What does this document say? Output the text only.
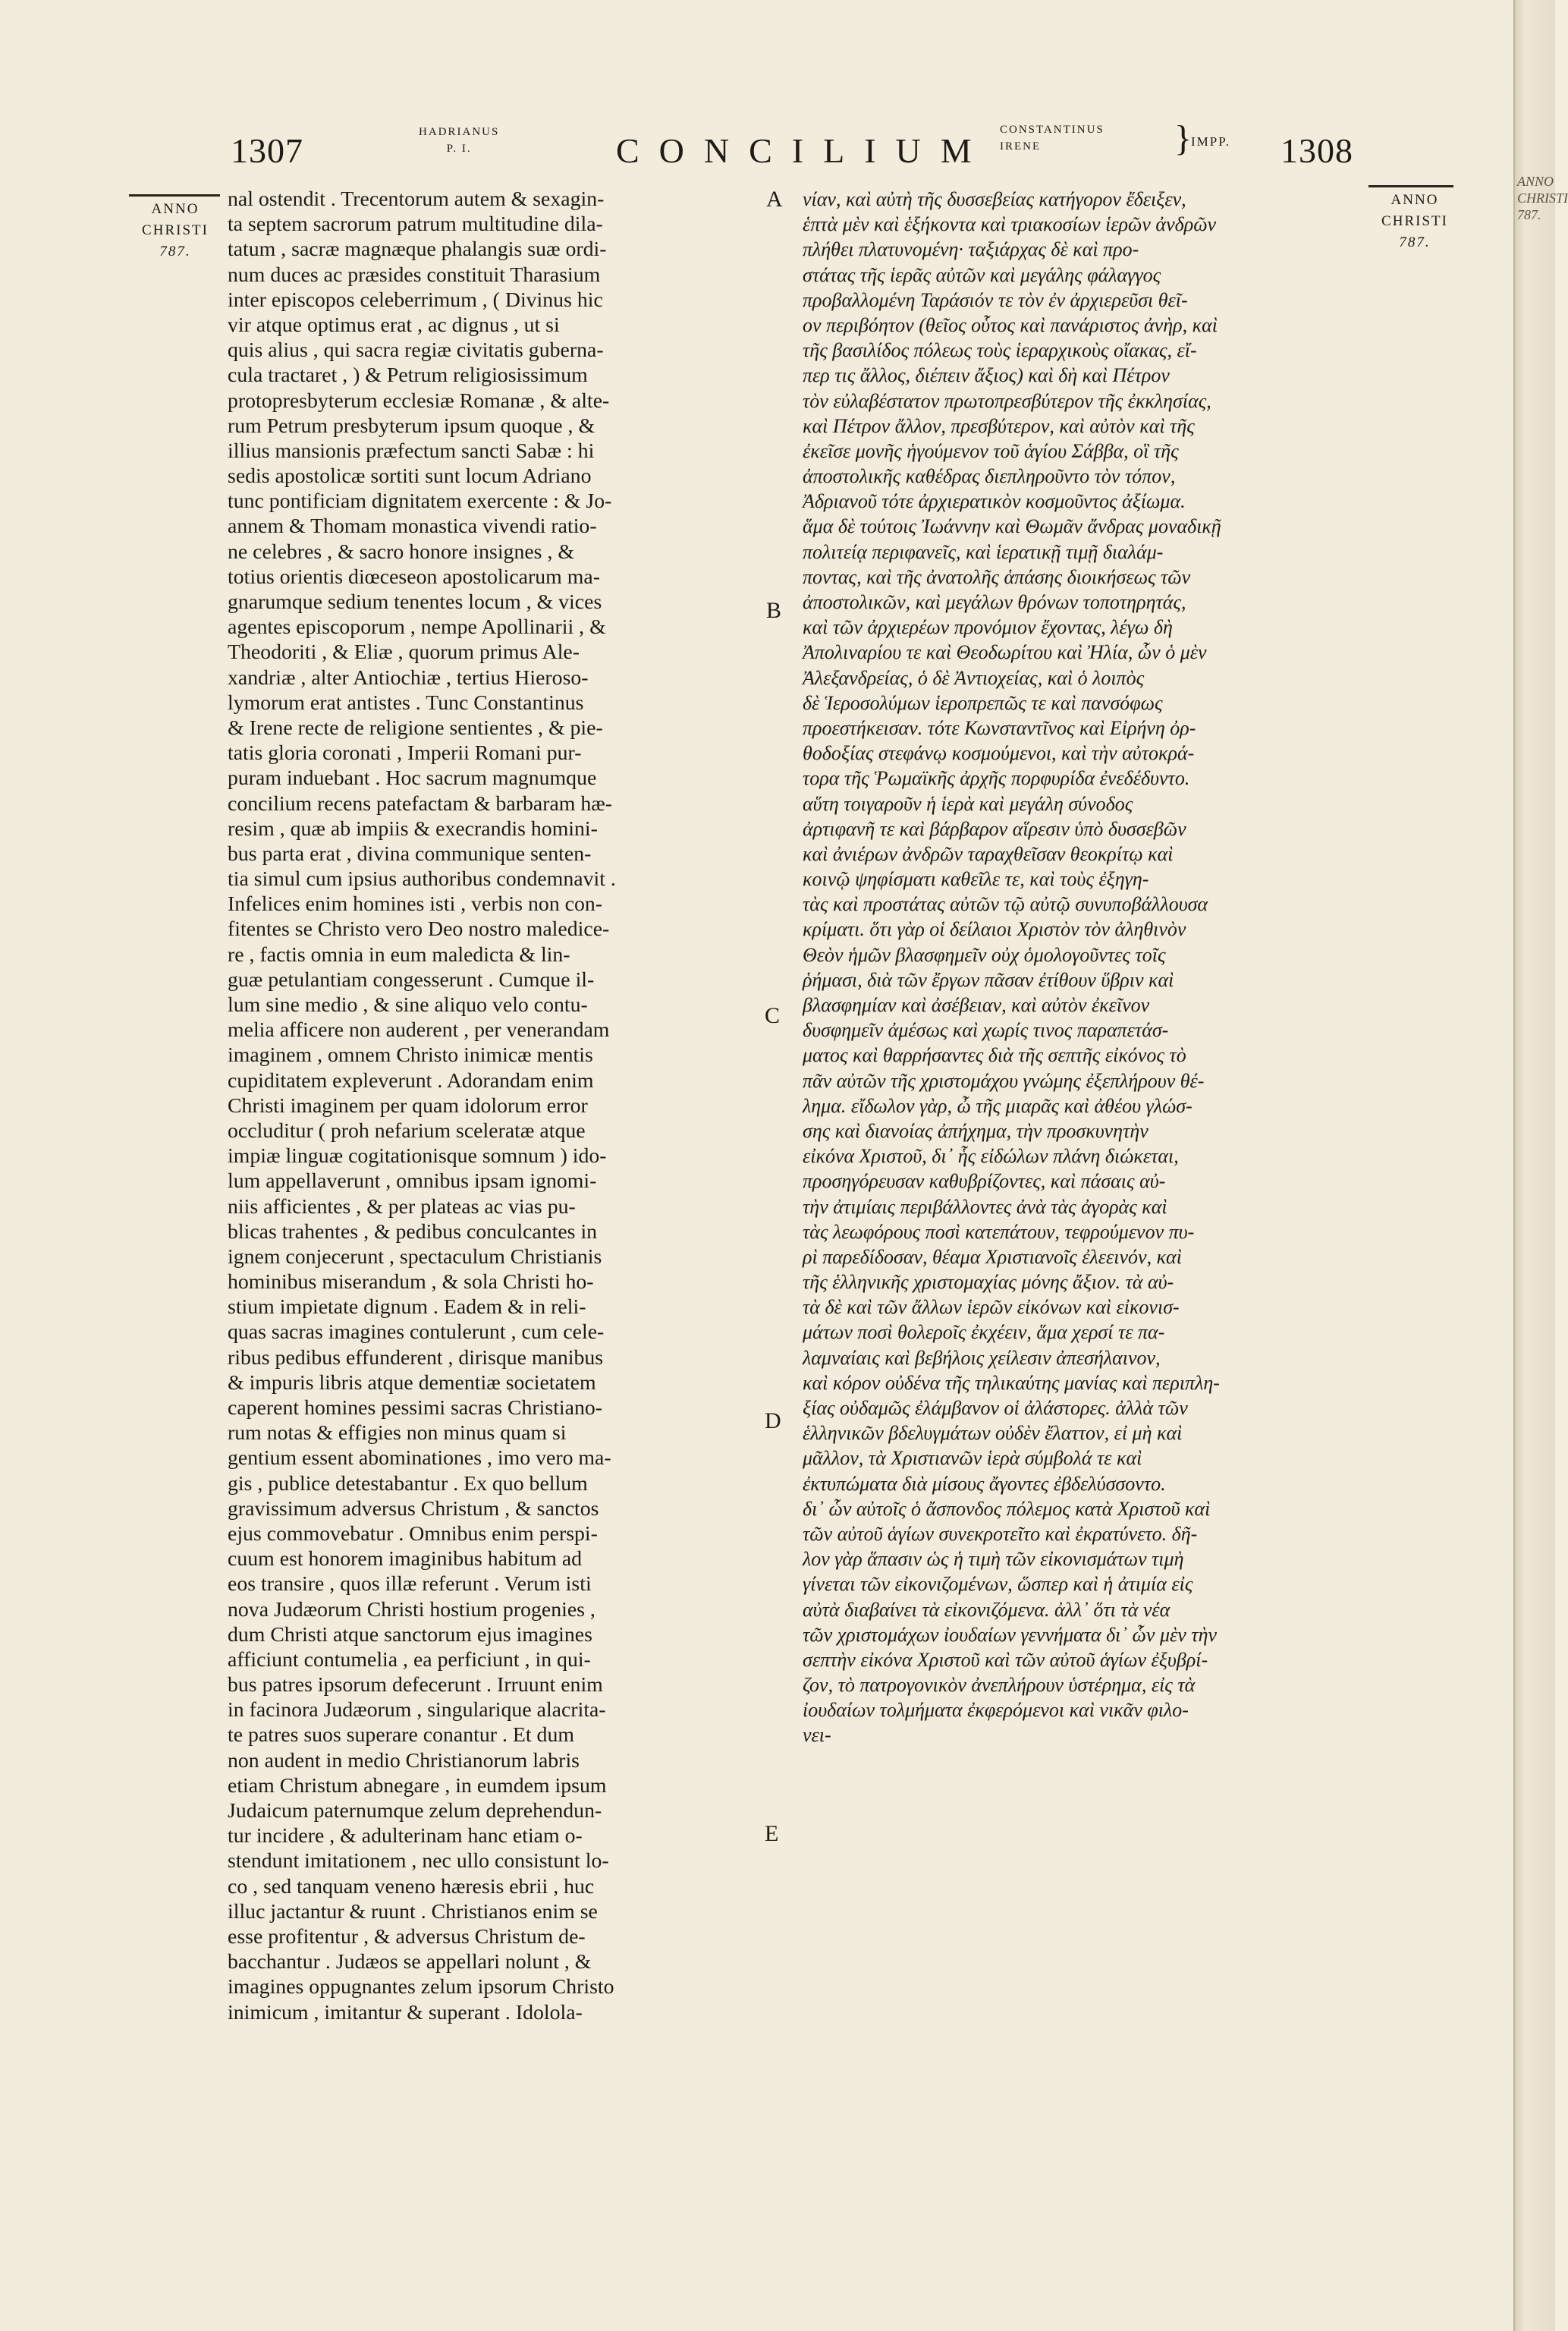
ANNO
CHRISTI
787.
1307	HADRIANUS
P. I.	CONCILIUM
CONSTANTINUS
IRENE	}
IMPP. 1308
ANNO
CHRISTI
787.
ANNO
CHRISTI
787.
nal ostendit . Trecentorum autem & sexagin-
ta septem sacrorum patrum multitudine dila-
tatum , sacræ magnæque phalangis suæ ordi-
num duces ac præsides constituit Tharasium
inter episcopos celeberrimum , ( Divinus hic
vir atque optimus erat , ac dignus , ut si
quis alius , qui sacra regiæ civitatis guberna-
cula tractaret , ) & Petrum religiosissimum
protopresbyterum ecclesiæ Romanæ , & alte-
rum Petrum presbyterum ipsum quoque , &
illius mansionis præfectum sancti Sabæ : hi
sedis apostolicæ sortiti sunt locum Adriano
tunc pontificiam dignitatem exercente : & Jo-
annem & Thomam monastica vivendi ratio-
ne celebres , & sacro honore insignes , &
totius orientis diœceseon apostolicarum ma-
gnarumque sedium tenentes locum , & vices
agentes episcoporum , nempe Apollinarii , &
Theodoriti , & Eliæ , quorum primus Ale-
xandriæ , alter Antiochiæ , tertius Hieroso-
lymorum erat antistes . Tunc Constantinus
& Irene recte de religione sentientes , & pie-
tatis gloria coronati , Imperii Romani pur-
puram induebant . Hoc sacrum magnumque
concilium recens patefactam & barbaram hæ-
resim , quæ ab impiis & execrandis homini-
bus parta erat , divina communique senten-
tia simul cum ipsius authoribus condemnavit .
Infelices enim homines isti , verbis non con-
fitentes se Christo vero Deo nostro maledice-
re , factis omnia in eum maledicta & lin-
guæ petulantiam congesserunt . Cumque il-
lum sine medio , & sine aliquo velo contu-
melia afficere non auderent , per venerandam
imaginem , omnem Christo inimicæ mentis
cupiditatem expleverunt . Adorandam enim
Christi imaginem per quam idolorum error
occluditur ( proh nefarium sceleratæ atque
impiæ linguæ cogitationisque somnum ) ido-
lum appellaverunt , omnibus ipsam ignomi-
niis afficientes , & per plateas ac vias pu-
blicas trahentes , & pedibus conculcantes in
ignem conjecerunt , spectaculum Christianis
hominibus miserandum , & sola Christi ho-
stium impietate dignum . Eadem & in reli-
quas sacras imagines contulerunt , cum cele-
ribus pedibus effunderent , dirisque manibus
& impuris libris atque dementiæ societatem
caperent homines pessimi sacras Christiano-
rum notas & effigies non minus quam si
gentium essent abominationes , imo vero ma-
gis , publice detestabantur . Ex quo bellum
gravissimum adversus Christum , & sanctos
ejus commovebatur . Omnibus enim perspi-
cuum est honorem imaginibus habitum ad
eos transire , quos illæ referunt . Verum isti
nova Judæorum Christi hostium progenies ,
dum Christi atque sanctorum ejus imagines
afficiunt contumelia , ea perficiunt , in qui-
bus patres ipsorum defecerunt . Irruunt enim
in facinora Judæorum , singularique alacrita-
te patres suos superare conantur . Et dum
non audent in medio Christianorum labris
etiam Christum abnegare , in eumdem ipsum
Judaicum paternumque zelum deprehendun-
tur incidere , & adulterinam hanc etiam o-
stendunt imitationem , nec ullo consistunt lo-
co , sed tanquam veneno hæresis ebrii , huc
illuc jactantur & ruunt . Christianos enim se
esse profitentur , & adversus Christum de-
bacchantur . Judæos se appellari nolunt , &
imagines oppugnantes zelum ipsorum Christo
inimicum , imitantur & superant . Idolola-
νίαν, καὶ αὐτὴ τῆς δυσσεβείας κατήγορον ἔδειξεν,
ἑπτὰ μὲν καὶ ἑξήκοντα καὶ τριακοσίων ἱερῶν ἀνδρῶν
πλήθει πλατυνομένη· ταξιάρχας δὲ καὶ προ-
στάτας τῆς ἱερᾶς αὐτῶν καὶ μεγάλης φάλαγγος
προβαλλομένη Ταράσιόν τε τὸν ἐν ἀρχιερεῦσι θεῖ-
ον περιβόητον (θεῖος οὗτος καὶ πανάριστος ἀνὴρ, καὶ
τῆς βασιλίδος πόλεως τοὺς ἱεραρχικοὺς οἴακας, εἴ-
περ τις ἄλλος, διέπειν ἄξιος) καὶ δὴ καὶ Πέτρον
τὸν εὐλαβέστατον πρωτοπρεσβύτερον τῆς ἐκκλησίας,
καὶ Πέτρον ἄλλον, πρεσβύτερον, καὶ αὐτὸν καὶ τῆς
ἐκεῖσε μονῆς ἡγούμενον τοῦ ἁγίου Σάββα, οἳ τῆς
ἀποστολικῆς καθέδρας διεπληροῦντο τὸν τόπον,
Ἀδριανοῦ τότε ἀρχιερατικὸν κοσμοῦντος ἀξίωμα.
ἅμα δὲ τούτοις Ἰωάννην καὶ Θωμᾶν ἄνδρας μοναδικῇ
πολιτείᾳ περιφανεῖς, καὶ ἱερατικῇ τιμῇ διαλάμ-
ποντας, καὶ τῆς ἀνατολῆς ἁπάσης διοικήσεως τῶν
ἀποστολικῶν, καὶ μεγάλων θρόνων τοποτηρητάς,
καὶ τῶν ἀρχιερέων προνόμιον ἔχοντας, λέγω δὴ
Ἀπολιναρίου τε καὶ Θεοδωρίτου καὶ Ἠλία, ὧν ὁ μὲν
Ἀλεξανδρείας, ὁ δὲ Ἀντιοχείας, καὶ ὁ λοιπὸς
δὲ Ἱεροσολύμων ἱεροπρεπῶς τε καὶ πανσόφως
προεστήκεισαν. τότε Κωνσταντῖνος καὶ Εἰρήνη ὀρ-
θοδοξίας στεφάνῳ κοσμούμενοι, καὶ τὴν αὐτοκρά-
τορα τῆς Ῥωμαϊκῆς ἀρχῆς πορφυρίδα ἐνεδέδυντο.
αὕτη τοιγαροῦν ἡ ἱερὰ καὶ μεγάλη σύνοδος
ἀρτιφανῆ τε καὶ βάρβαρον αἵρεσιν ὑπὸ δυσσεβῶν
καὶ ἀνιέρων ἀνδρῶν ταραχθεῖσαν θεοκρίτῳ καὶ
κοινῷ ψηφίσματι καθεῖλε τε, καὶ τοὺς ἐξηγη-
τὰς καὶ προστάτας αὐτῶν τῷ αὐτῷ συνυποβάλλουσα
κρίματι. ὅτι γὰρ οἱ δείλαιοι Χριστὸν τὸν ἀληθινὸν
Θεὸν ἡμῶν βλασφημεῖν οὐχ ὁμολογοῦντες τοῖς
ῥήμασι, διὰ τῶν ἔργων πᾶσαν ἐτίθουν ὕβριν καὶ
βλασφημίαν καὶ ἀσέβειαν, καὶ αὐτὸν ἐκεῖνον
δυσφημεῖν ἀμέσως καὶ χωρίς τινος παραπετάσ-
ματος καὶ θαρρήσαντες διὰ τῆς σεπτῆς εἰκόνος τὸ
πᾶν αὐτῶν τῆς χριστομάχου γνώμης ἐξεπλήρουν θέ-
λημα. εἴδωλον γὰρ, ὦ τῆς μιαρᾶς καὶ ἀθέου γλώσ-
σης καὶ διανοίας ἀπήχημα, τὴν προσκυνητὴν
εἰκόνα Χριστοῦ, δι᾽ ἧς εἰδώλων πλάνη διώκεται,
προσηγόρευσαν καθυβρίζοντες, καὶ πάσαις αὐ-
τὴν ἀτιμίαις περιβάλλοντες ἀνὰ τὰς ἀγορὰς καὶ
τὰς λεωφόρους ποσὶ κατεπάτουν, τεφρούμενον πυ-
ρὶ παρεδίδοσαν, θέαμα Χριστιανοῖς ἐλεεινόν, καὶ
τῆς ἑλληνικῆς χριστομαχίας μόνης ἄξιον. τὰ αὐ-
τὰ δὲ καὶ τῶν ἄλλων ἱερῶν εἰκόνων καὶ εἰκονισ-
μάτων ποσὶ θολεροῖς ἐκχέειν, ἅμα χερσί τε πα-
λαμναίαις καὶ βεβήλοις χείλεσιν ἀπεσήλαινον,
καὶ κόρον οὐδένα τῆς τηλικαύτης μανίας καὶ περιπλη-
ξίας οὐδαμῶς ἐλάμβανον οἱ ἀλάστορες. ἀλλὰ τῶν
ἑλληνικῶν βδελυγμάτων οὐδὲν ἔλαττον, εἰ μὴ καὶ
μᾶλλον, τὰ Χριστιανῶν ἱερὰ σύμβολά τε καὶ
ἐκτυπώματα διὰ μίσους ἄγοντες ἐβδελύσσοντο.
δι᾽ ὧν αὐτοῖς ὁ ἄσπονδος πόλεμος κατὰ Χριστοῦ καὶ
τῶν αὐτοῦ ἁγίων συνεκροτεῖτο καὶ ἐκρατύνετο. δῆ-
λον γὰρ ἅπασιν ὡς ἡ τιμὴ τῶν εἰκονισμάτων τιμὴ
γίνεται τῶν εἰκονιζομένων, ὥσπερ καὶ ἡ ἀτιμία εἰς
αὐτὰ διαβαίνει τὰ εἰκονιζόμενα. ἀλλ᾽ ὅτι τὰ νέα
τῶν χριστομάχων ἰουδαίων γεννήματα δι᾽ ὧν μὲν τὴν
σεπτὴν εἰκόνα Χριστοῦ καὶ τῶν αὐτοῦ ἁγίων ἐξυβρί-
ζον, τὸ πατρογονικὸν ἀνεπλήρουν ὑστέρημα, εἰς τὰ
ἰουδαίων τολμήματα ἐκφερόμενοι καὶ νικᾶν φιλο-
νει-
A
B
C
D
E
